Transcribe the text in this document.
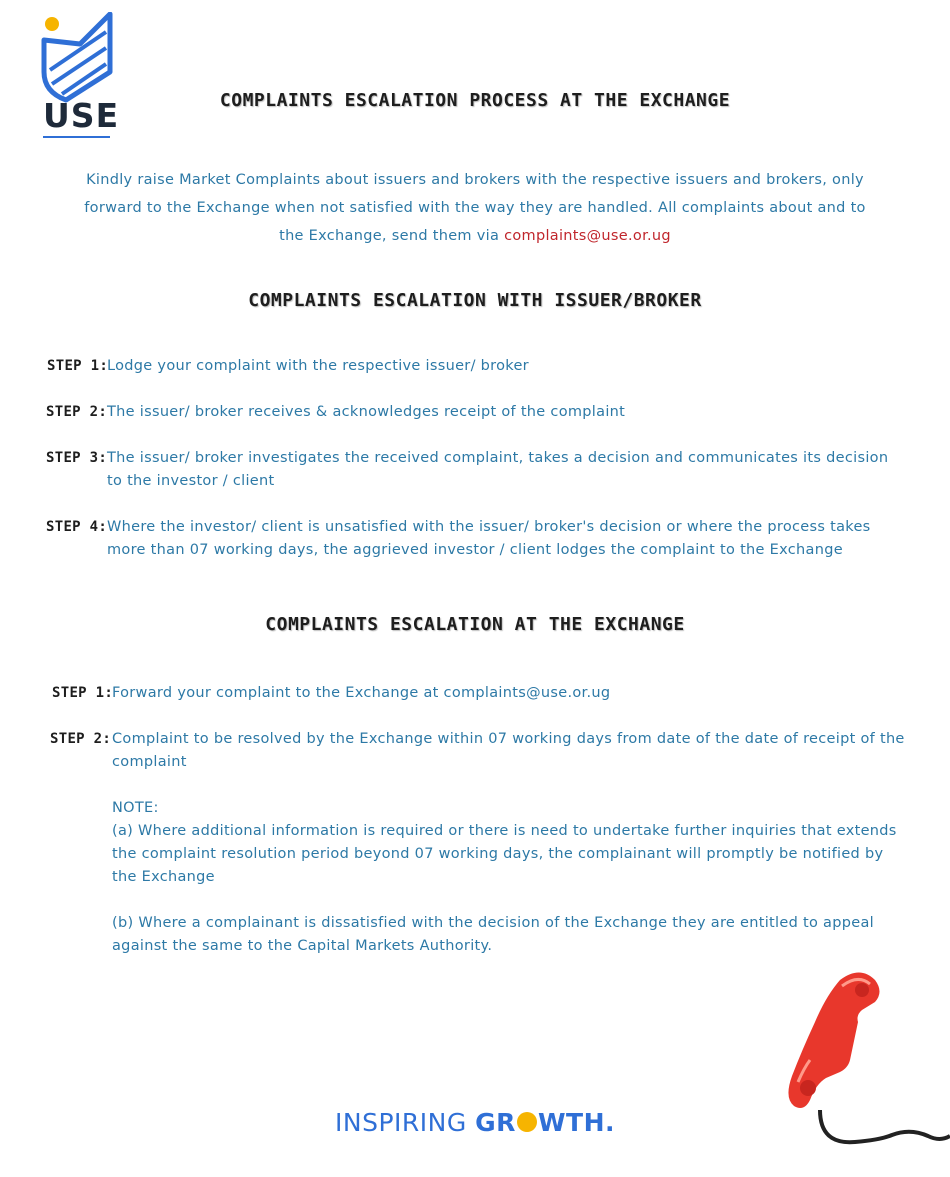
USE	COMPLAINTS ESCALATION PROCESS AT THE EXCHANGE
Kindly raise Market Complaints about issuers and brokers with the respective issuers and brokers, only forward to the Exchange when not satisfied with the way they are handled. All complaints about and to the Exchange, send them via complaints@use.or.ug
COMPLAINTS ESCALATION WITH ISSUER/BROKER
STEP 1:
Lodge your complaint with the respective issuer/ broker
STEP 2: The issuer/ broker receives & acknowledges receipt of the complaint
STEP 3: The issuer/ broker investigates the received complaint, takes a decision and communicates its decision to the investor / client
STEP 4: Where the investor/ client is unsatisfied with the issuer/ broker's decision or where the process takes more than 07 working days, the aggrieved investor / client lodges the complaint to the Exchange
COMPLAINTS ESCALATION AT THE EXCHANGE
STEP 1:
Forward your complaint to the Exchange at complaints@use.or.ug
STEP 2: Complaint to be resolved by the Exchange within 07 working days from date of the date of receipt of the complaint
NOTE:
(a) Where additional information is required or there is need to undertake further inquiries that extends the complaint resolution period beyond 07 working days, the complainant will promptly be notified by the Exchange
(b) Where a complainant is dissatisfied with the decision of the Exchange they are entitled to appeal against the same to the Capital Markets Authority.
INSPIRING GR WTH.
